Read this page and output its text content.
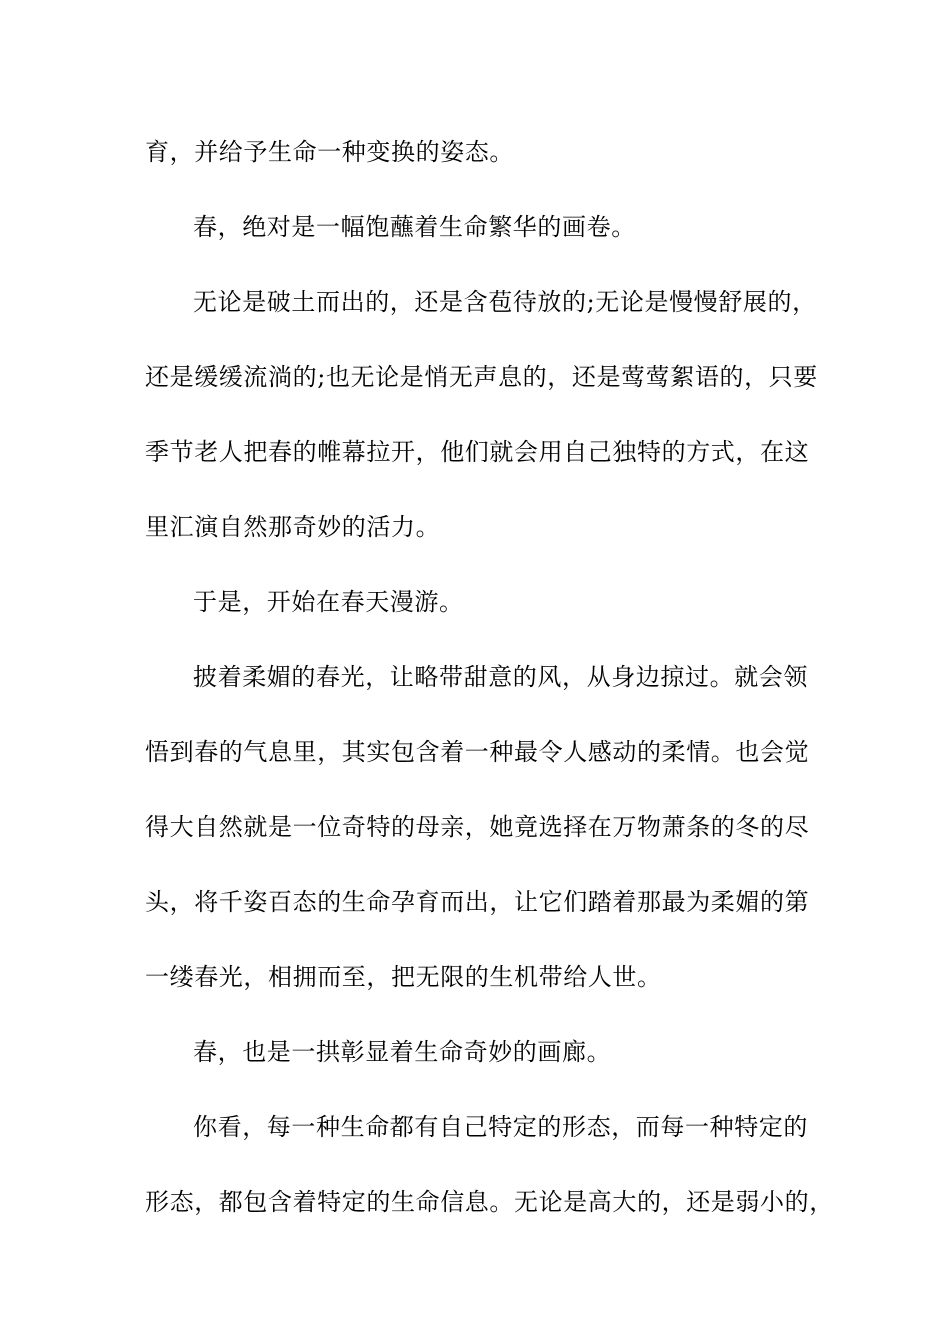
育，并给予生命一种变换的姿态。
春，绝对是一幅饱蘸着生命繁华的画卷。
无论是破土而出的，还是含苞待放的;无论是慢慢舒展的，
还是缓缓流淌的;也无论是悄无声息的，还是莺莺絮语的，只要
季节老人把春的帷幕拉开，他们就会用自己独特的方式，在这
里汇演自然那奇妙的活力。
于是，开始在春天漫游。
披着柔媚的春光，让略带甜意的风，从身边掠过。就会领
悟到春的气息里，其实包含着一种最令人感动的柔情。也会觉
得大自然就是一位奇特的母亲，她竟选择在万物萧条的冬的尽
头，将千姿百态的生命孕育而出，让它们踏着那最为柔媚的第
一缕春光，相拥而至，把无限的生机带给人世。
春，也是一拱彰显着生命奇妙的画廊。
你看，每一种生命都有自己特定的形态，而每一种特定的
形态，都包含着特定的生命信息。无论是高大的，还是弱小的，
